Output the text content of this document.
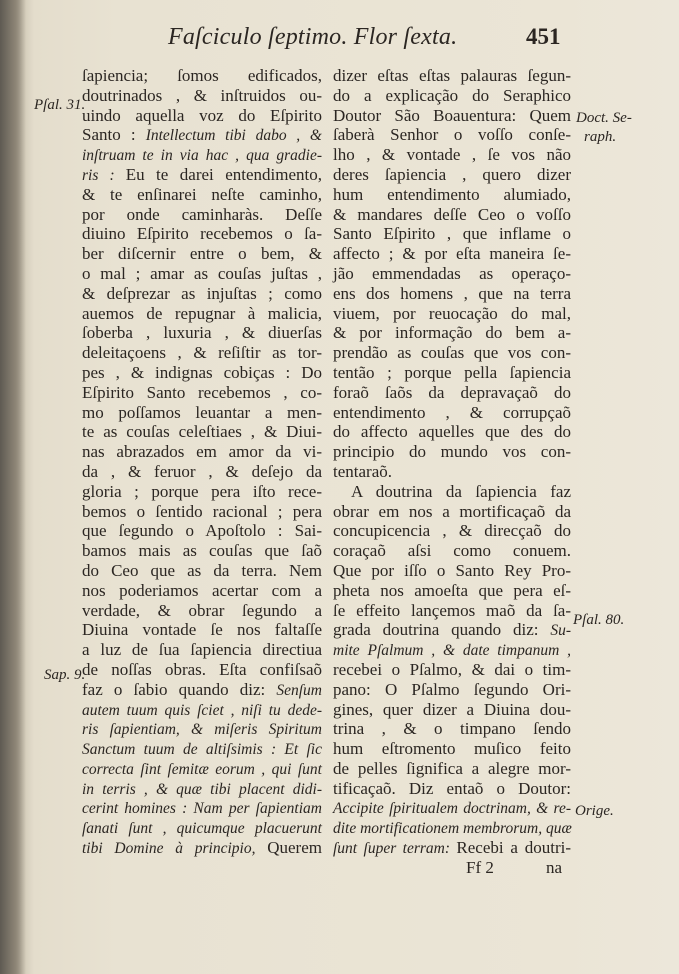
Faſciculo ſeptimo. Flor ſexta.	451
ſapiencia; ſomos edificados,
doutrinados , & inſtruidos ou-
uindo aquella voz do Eſpirito
Santo : Intellectum tibi dabo , &
inſtruam te in via hac , qua gradie-
ris : Eu te darei entendimento,
& te enſinarei neſte caminho,
por onde caminharàs. Deſſe
diuino Eſpirito recebemos o ſa-
ber diſcernir entre o bem, &
o mal ; amar as couſas juſtas ,
& deſprezar as injuſtas ; como
auemos de repugnar à malicia,
ſoberba , luxuria , & diuerſas
deleitaçoens , & reſiſtir as tor-
pes , & indignas cobiças : Do
Eſpirito Santo recebemos , co-
mo poſſamos leuantar a men-
te as couſas celeſtiaes , & Diui-
nas abrazados em amor da vi-
da , & feruor , & deſejo da
gloria ; porque pera iſto rece-
bemos o ſentido racional ; pera
que ſegundo o Apoſtolo : Sai-
bamos mais as couſas que ſaõ
do Ceo que as da terra. Nem
nos poderiamos acertar com a
verdade, & obrar ſegundo a
Diuina vontade ſe nos faltaſſe
a luz de ſua ſapiencia directiua
de noſſas obras. Eſta confiſsaõ
faz o ſabio quando diz: Senſum
autem tuum quis ſciet , niſi tu dede-
ris ſapientiam, & miſeris Spiritum
Sanctum tuum de altiſsimis : Et ſic
correcta ſint ſemitæ eorum , qui ſunt
in terris , & quæ tibi placent didi-
cerint homines : Nam per ſapientiam
ſanati ſunt , quicumque placuerunt
tibi Domine à principio, Querem
dizer eſtas eſtas palauras ſegun-
do a explicação do Seraphico
Doutor São Boauentura: Quem
ſaberà Senhor o voſſo conſe-
lho , & vontade , ſe vos não
deres ſapiencia , quero dizer
hum entendimento alumiado,
& mandares deſſe Ceo o voſſo
Santo Eſpirito , que inflame o
affecto ; & por eſta maneira ſe-
jão emmendadas as operaço-
ens dos homens , que na terra
viuem, por reuocação do mal,
& por informação do bem a-
prendão as couſas que vos con-
tentão ; porque pella ſapiencia
foraõ ſaõs da depravaçaõ do
entendimento , & corrupçaõ
do affecto aquelles que des do
principio do mundo vos con-
tentaraõ.
A doutrina da ſapiencia faz
obrar em nos a mortificaçaõ da
concupicencia , & direcçaõ do
coraçaõ aſsi como conuem.
Que por iſſo o Santo Rey Pro-
pheta nos amoeſta que pera eſ-
ſe effeito lançemos maõ da ſa-
grada doutrina quando diz: Su-
mite Pſalmum , & date timpanum ,
recebei o Pſalmo, & dai o tim-
pano: O Pſalmo ſegundo Ori-
gines, quer dizer a Diuina dou-
trina , & o timpano ſendo
hum eſtromento muſico feito
de pelles ſignifica a alegre mor-
tificaçaõ. Diz entaõ o Doutor:
Accipite ſpiritualem doctrinam, & re-
dite mortificationem membrorum, quæ
ſunt ſuper terram: Recebi a doutri-
Pſal. 31.
Sap. 9.
Doct. Se-
raph.
Pſal. 80.
Orige.
Ff 2	na
